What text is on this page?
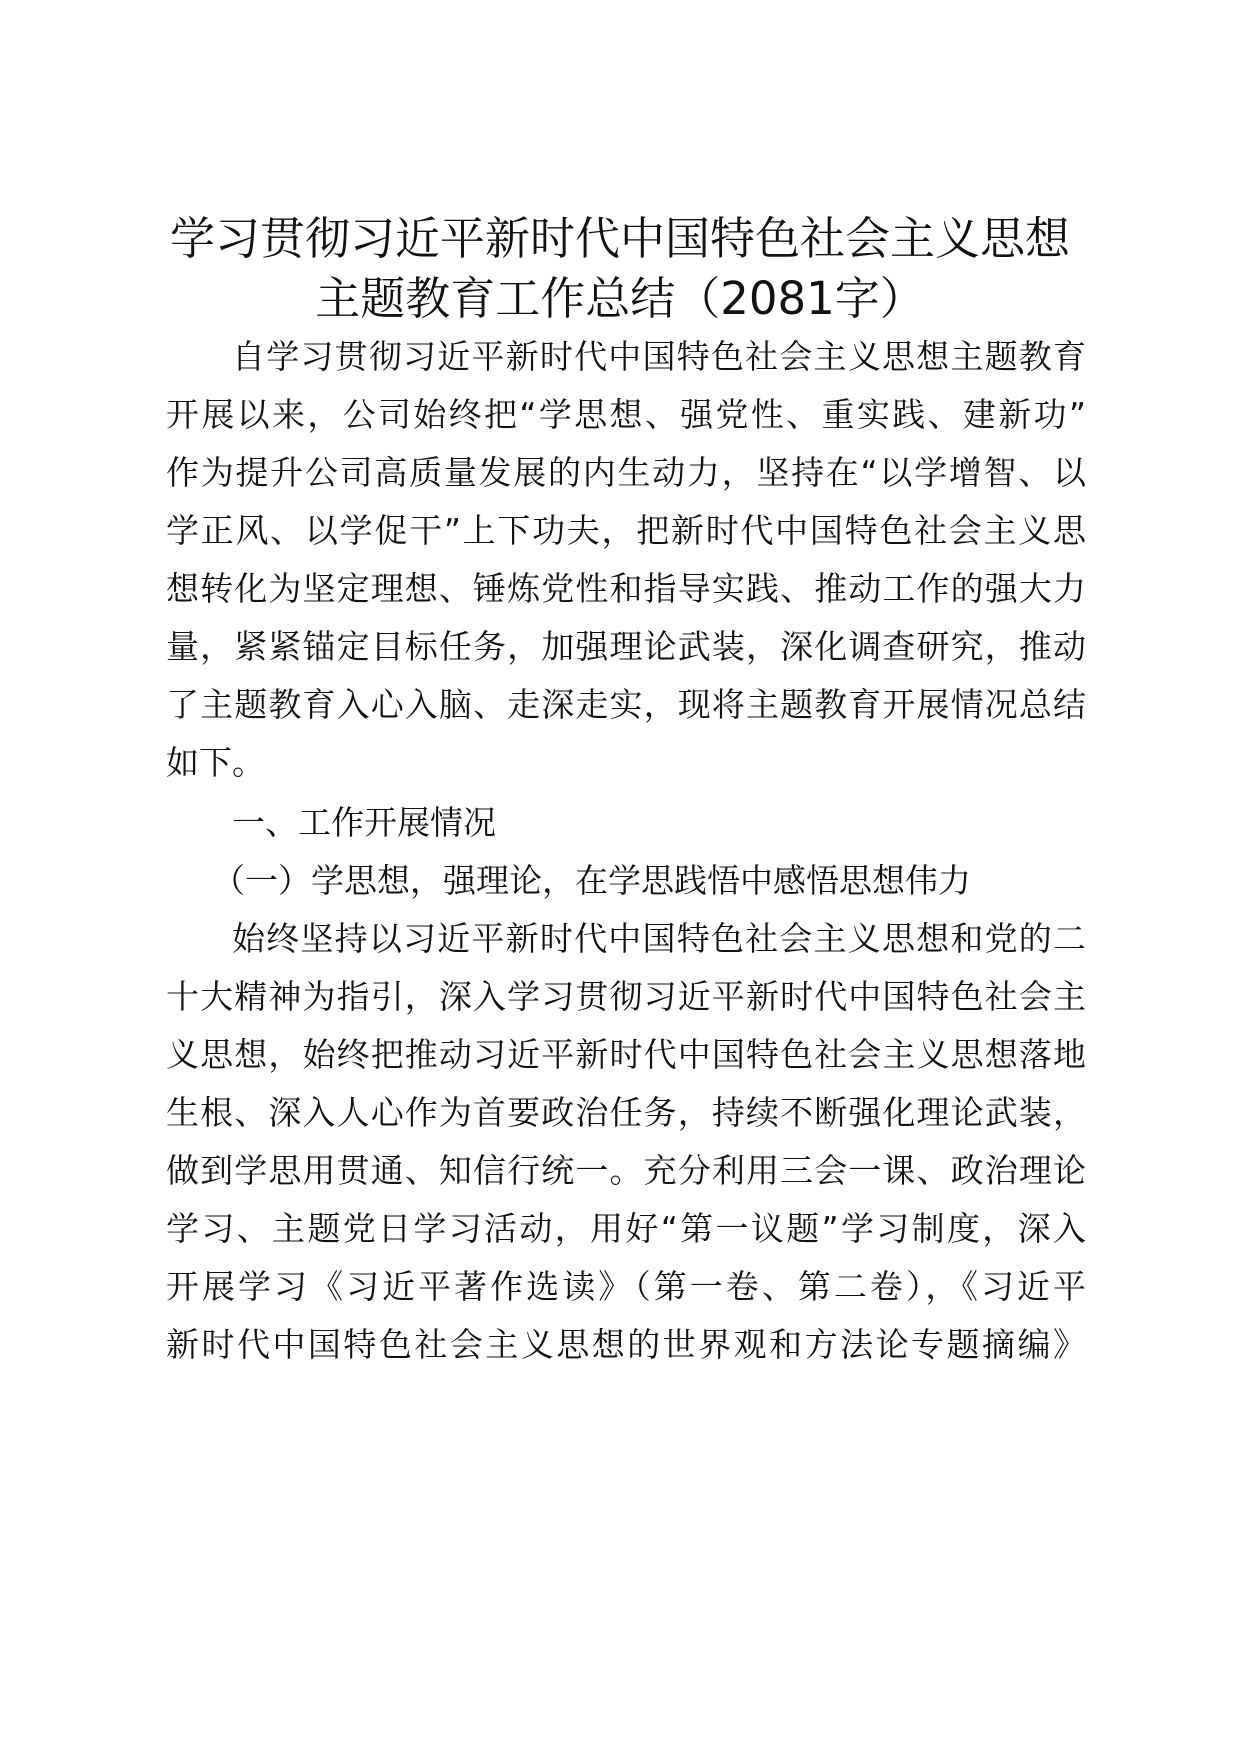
学习贯彻习近平新时代中国特色社会主义思想
主题教育工作总结（2081字）
自学习贯彻习近平新时代中国特色社会主义思想主题教育
开展以来，公司始终把“学思想、强党性、重实践、建新功”
作为提升公司高质量发展的内生动力，坚持在“以学增智、以
学正风、以学促干”上下功夫，把新时代中国特色社会主义思
想转化为坚定理想、锤炼党性和指导实践、推动工作的强大力
量，紧紧锚定目标任务，加强理论武装，深化调查研究，推动
了主题教育入心入脑、走深走实，现将主题教育开展情况总结
如下。
一、工作开展情况
（一）学思想，强理论，在学思践悟中感悟思想伟力
始终坚持以习近平新时代中国特色社会主义思想和党的二
十大精神为指引，深入学习贯彻习近平新时代中国特色社会主
义思想，始终把推动习近平新时代中国特色社会主义思想落地
生根、深入人心作为首要政治任务，持续不断强化理论武装，
做到学思用贯通、知信行统一。充分利用三会一课、政治理论
学习、主题党日学习活动，用好“第一议题”学习制度，深入
开展学习《习近平著作选读》（第一卷、第二卷），《习近平
新时代中国特色社会主义思想的世界观和方法论专题摘编》
